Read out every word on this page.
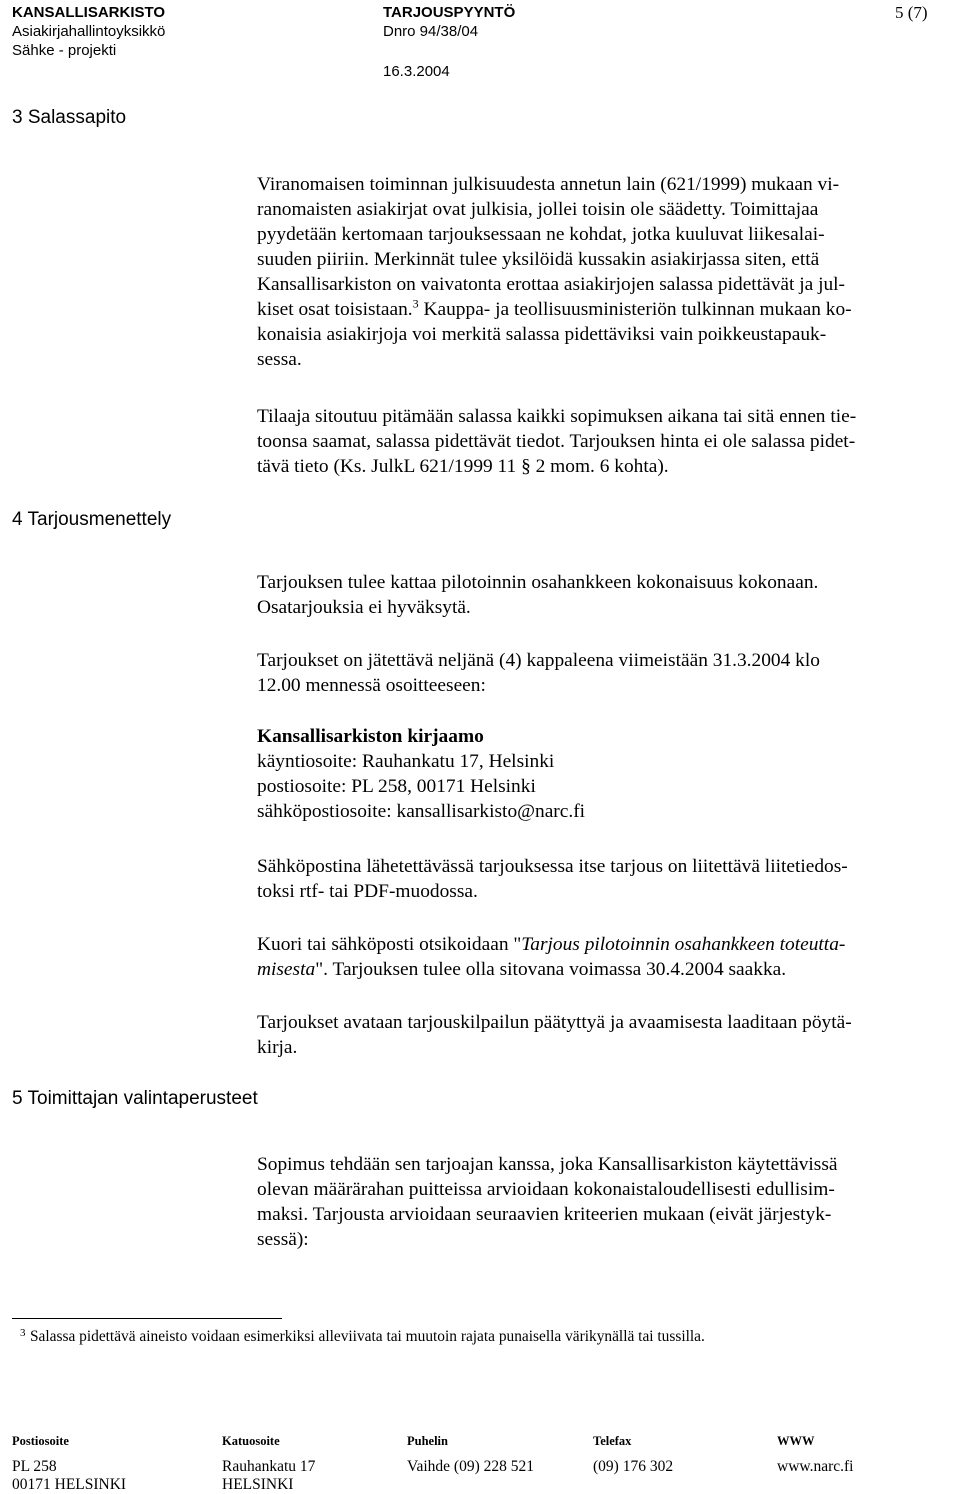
KANSALLISARKISTO
Asiakirjahallintoyksikkö
Sähke - projekti
TARJOUSPYYNTÖ
Dnro 94/38/04
16.3.2004
5 (7)
3 Salassapito
4 Tarjousmenettely
5 Toimittajan valintaperusteet

Viranomaisen toiminnan julkisuudesta annetun lain (621/1999) mukaan vi-

ranomaisten asiakirjat ovat julkisia, jollei toisin ole säädetty. Toimittajaa

pyydetään kertomaan tarjouksessaan ne kohdat, jotka kuuluvat liikesalai-

suuden piiriin. Merkinnät tulee yksilöidä kussakin asiakirjassa siten, että

Kansallisarkiston on vaivatonta erottaa asiakirjojen salassa pidettävät ja jul-

kiset osat toisistaan.$^3$ Kauppa- ja teollisuusministeriön tulkinnan mukaan ko-

konaisia asiakirjoja voi merkitä salassa pidettäviksi vain poikkeustapauk-

sessa.

Tilaaja sitoutuu pitämään salassa kaikki sopimuksen aikana tai sitä ennen tie-

toonsa saamat, salassa pidettävät tiedot. Tarjouksen hinta ei ole salassa pidet-

tävä tieto (Ks. JulkL 621/1999 11 § 2 mom. 6 kohta).

Tarjouksen tulee kattaa pilotoinnin osahankkeen kokonaisuus kokonaan.

Osatarjouksia ei hyväksytä.

Tarjoukset on jätettävä neljänä (4) kappaleena viimeistään 31.3.2004 klo

12.00 mennessä osoitteeseen:

Kansallisarkiston kirjaamo

käyntiosoite: Rauhankatu 17, Helsinki

postiosoite: PL 258, 00171 Helsinki

sähköpostiosoite: kansallisarkisto@narc.fi

Sähköpostina lähetettävässä tarjouksessa itse tarjous on liitettävä liitetiedos-

toksi rtf- tai PDF-muodossa.

Kuori tai sähköposti otsikoidaan "Tarjous pilotoinnin osahankkeen toteutta-

misesta". Tarjouksen tulee olla sitovana voimassa 30.4.2004 saakka.

Tarjoukset avataan tarjouskilpailun päätyttyä ja avaamisesta laaditaan pöytä-

kirja.

Sopimus tehdään sen tarjoajan kanssa, joka Kansallisarkiston käytettävissä

olevan määrärahan puitteissa arvioidaan kokonaistaloudellisesti edullisim-

maksi. Tarjousta arvioidaan seuraavien kriteerien mukaan (eivät järjestyk-

sessä):

3 Salassa pidettävä aineisto voidaan esimerkiksi alleviivata tai muutoin rajata punaisella värikynällä tai tussilla.
Postiosoite	Katuosoite	Puhelin	Telefax	WWW
PL 258	Rauhankatu 17	Vaihde (09) 228 521	(09) 176 302	www.narc.fi
00171 HELSINKI	HELSINKI
